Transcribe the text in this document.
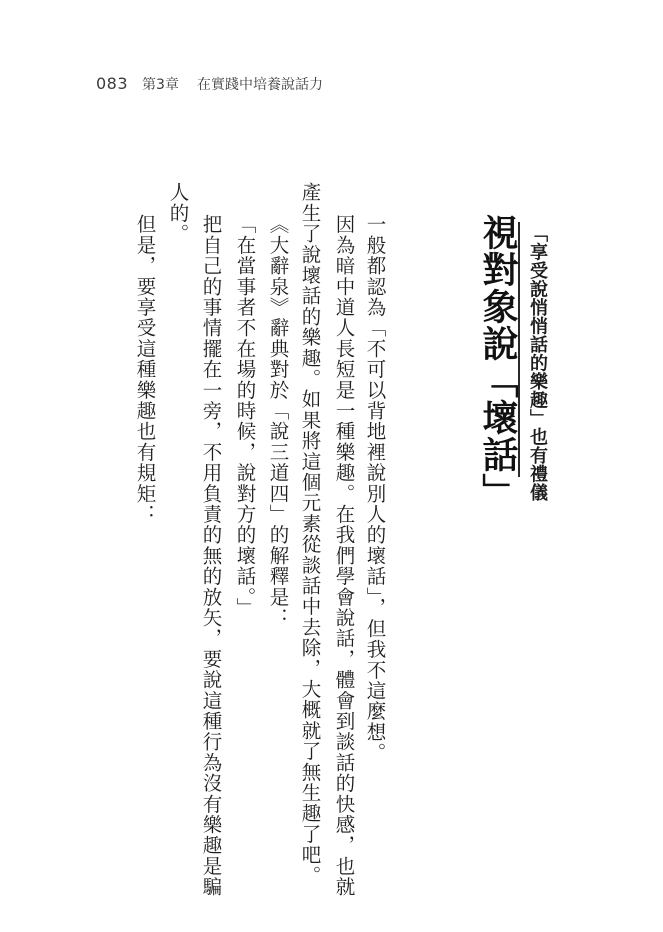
083 第3章 在實踐中培養說話力

「享受說悄悄話的樂趣」也有禮儀

視對象說「壞話」

一般都認為「不可以背地裡說別人的壞話」，但我不這麼想。

因為暗中道人長短是一種樂趣。在我們學會說話，體會到談話的快感，也就

產生了說壞話的樂趣。如果將這個元素從談話中去除，大概就了無生趣了吧。

《大辭泉》辭典對於「說三道四」的解釋是：

「在當事者不在場的時候，說對方的壞話。」

把自己的事情擺在一旁，不用負責的無的放矢，要說這種行為沒有樂趣是騙

人的。

但是，要享受這種樂趣也有規矩：
